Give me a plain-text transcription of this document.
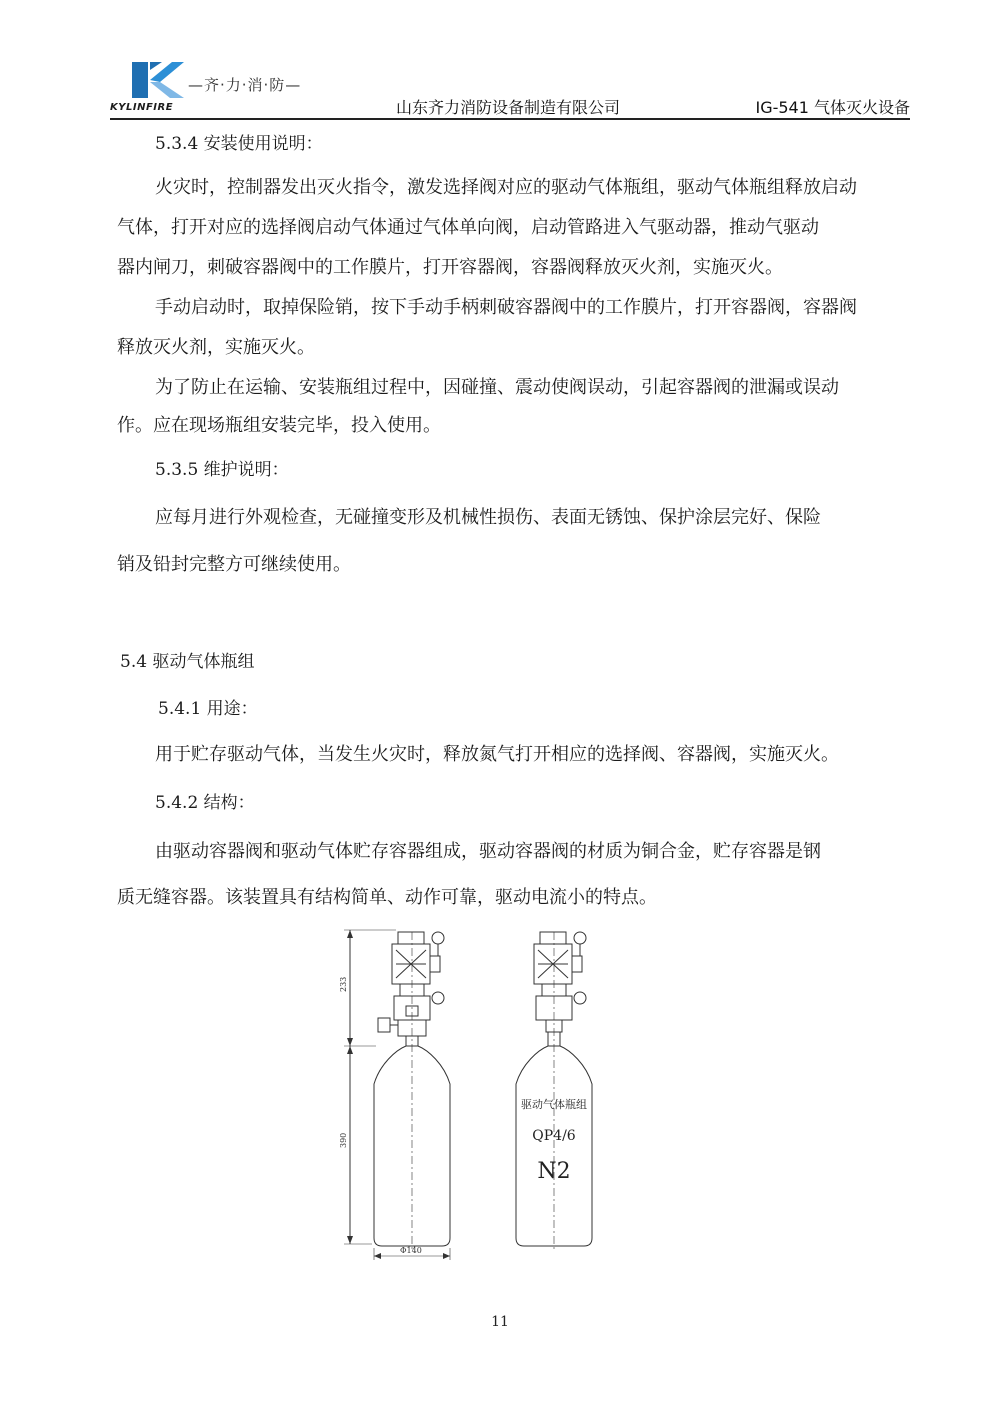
KYLINFIRE
—齐·力·消·防—
山东齐力消防设备制造有限公司	IG-541 气体灭火设备
5.3.4 安装使用说明：
火灾时，控制器发出灭火指令，激发选择阀对应的驱动气体瓶组，驱动气体瓶组释放启动
气体，打开对应的选择阀启动气体通过气体单向阀，启动管路进入气驱动器，推动气驱动
器内闸刀，刺破容器阀中的工作膜片，打开容器阀，容器阀释放灭火剂，实施灭火。
手动启动时，取掉保险销，按下手动手柄刺破容器阀中的工作膜片，打开容器阀，容器阀
释放灭火剂，实施灭火。
为了防止在运输、安装瓶组过程中，因碰撞、震动使阀误动，引起容器阀的泄漏或误动
作。应在现场瓶组安装完毕，投入使用。
5.3.5 维护说明：
应每月进行外观检查，无碰撞变形及机械性损伤、表面无锈蚀、保护涂层完好、保险
销及铅封完整方可继续使用。
5.4 驱动气体瓶组
5.4.1 用途：
用于贮存驱动气体，当发生火灾时，释放氮气打开相应的选择阀、容器阀，实施灭火。
5.4.2 结构：
由驱动容器阀和驱动气体贮存容器组成，驱动容器阀的材质为铜合金，贮存容器是钢
质无缝容器。该装置具有结构简单、动作可靠，驱动电流小的特点。
233
390
Φ140
驱动气体瓶组
QP4/6
N2
11
